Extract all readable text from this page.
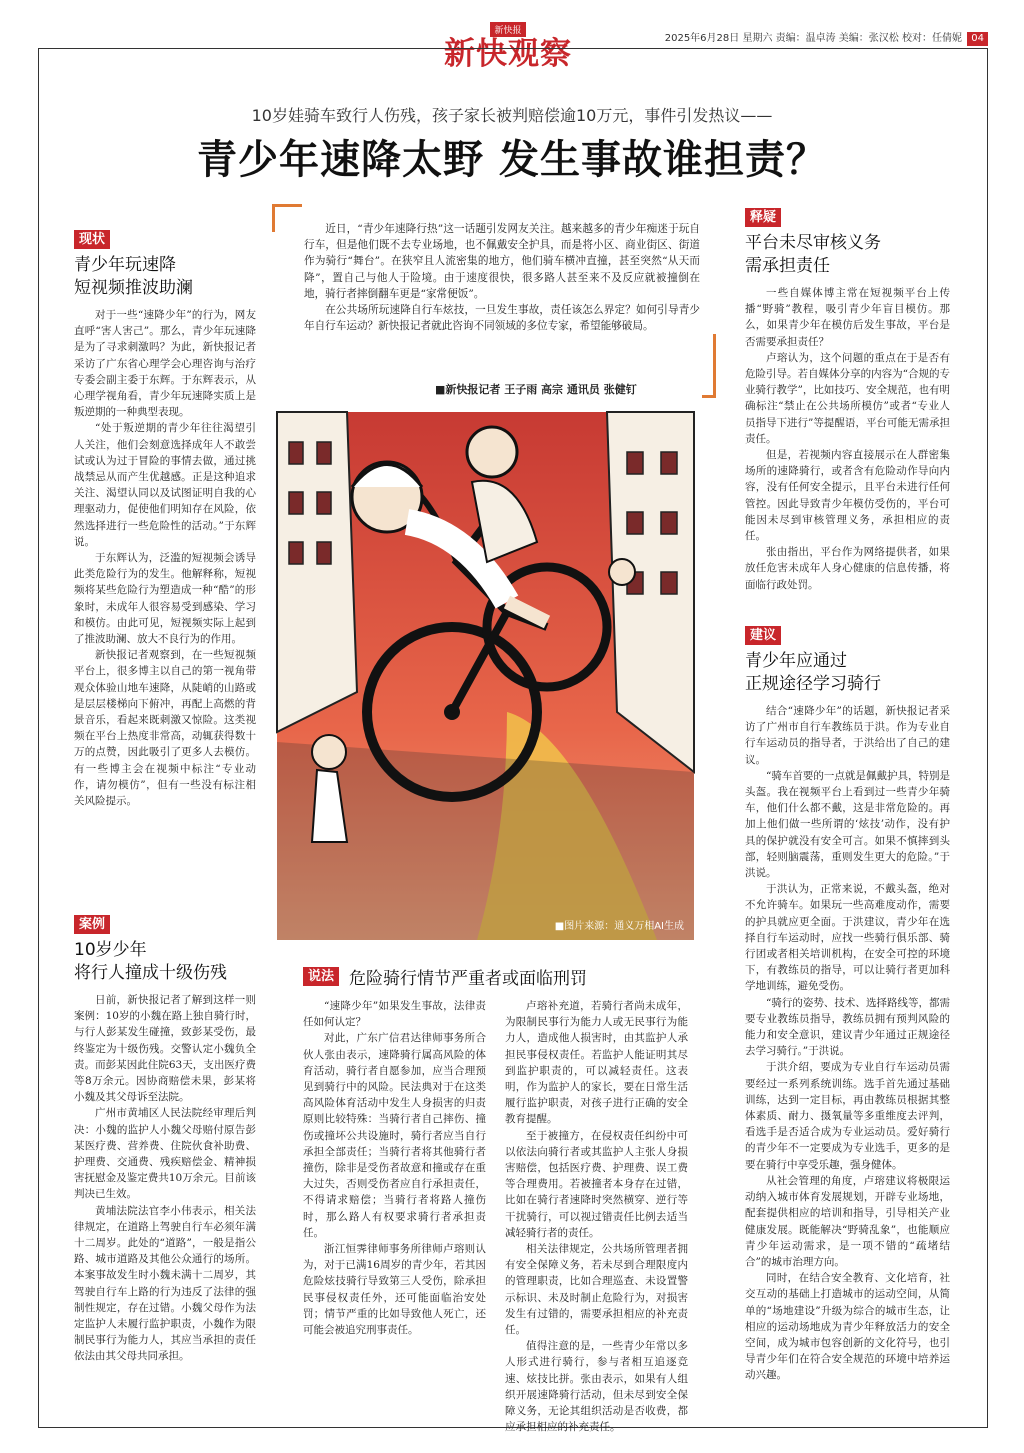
2025年6月28日 星期六 责编：温卓涛 美编：张汉松 校对：任倩妮 04
新快报
新快观察
10岁娃骑车致行人伤残，孩子家长被判赔偿逾10万元，事件引发热议——
青少年速降太野 发生事故谁担责？
现状
青少年玩速降
短视频推波助澜

对于一些“速降少年”的行为，网友直呼“害人害己”。那么，青少年玩速降是为了寻求刺激吗？为此，新快报记者采访了广东省心理学会心理咨询与治疗专委会副主委于东辉。于东辉表示，从心理学视角看，青少年玩速降实质上是叛逆期的一种典型表现。

“处于叛逆期的青少年往往渴望引人关注，他们会刻意选择成年人不敢尝试或认为过于冒险的事情去做，通过挑战禁忌从而产生优越感。正是这种追求关注、渴望认同以及试图证明自我的心理驱动力，促使他们明知存在风险，依然选择进行一些危险性的活动。”于东辉说。

于东辉认为，泛滥的短视频会诱导此类危险行为的发生。他解释称，短视频将某些危险行为塑造成一种“酷”的形象时，未成年人很容易受到感染、学习和模仿。由此可见，短视频实际上起到了推波助澜、放大不良行为的作用。

新快报记者观察到，在一些短视频平台上，很多博主以自己的第一视角带观众体验山地车速降，从陡峭的山路或是层层楼梯向下俯冲，再配上高燃的背景音乐，看起来既刺激又惊险。这类视频在平台上热度非常高，动辄获得数十万的点赞，因此吸引了更多人去模仿。有一些博主会在视频中标注“专业动作，请勿模仿”，但有一些没有标注相关风险提示。

案例
10岁少年
将行人撞成十级伤残

日前，新快报记者了解到这样一则案例：10岁的小魏在路上独自骑行时，与行人彭某发生碰撞，致彭某受伤，最终鉴定为十级伤残。交警认定小魏负全责。而彭某因此住院63天，支出医疗费等8万余元。因协商赔偿未果，彭某将小魏及其父母诉至法院。

广州市黄埔区人民法院经审理后判决：小魏的监护人小魏父母赔付原告彭某医疗费、营养费、住院伙食补助费、护理费、交通费、残疾赔偿金、精神损害抚慰金及鉴定费共10万余元。目前该判决已生效。

黄埔法院法官李小伟表示，相关法律规定，在道路上驾驶自行车必须年满十二周岁。此处的“道路”，一般是指公路、城市道路及其他公众通行的场所。本案事故发生时小魏未满十二周岁，其驾驶自行车上路的行为违反了法律的强制性规定，存在过错。小魏父母作为法定监护人未履行监护职责，小魏作为限制民事行为能力人，其应当承担的责任依法由其父母共同承担。

近日，“青少年速降行热”这一话题引发网友关注。越来越多的青少年痴迷于玩自行车，但是他们既不去专业场地，也不佩戴安全护具，而是将小区、商业街区、街道作为骑行“舞台”。在狭窄且人流密集的地方，他们骑车横冲直撞，甚至突然“从天而降”，置自己与他人于险境。由于速度很快，很多路人甚至来不及反应就被撞倒在地，骑行者摔倒翻车更是“家常便饭”。

在公共场所玩速降自行车炫技，一旦发生事故，责任该怎么界定？如何引导青少年自行车运动？新快报记者就此咨询不同领域的多位专家，希望能够破局。

■新快报记者 王子雨 高宗 通讯员 张健钉
■图片来源：通义万相AI生成
说法 危险骑行情节严重者或面临刑罚

“速降少年”如果发生事故，法律责任如何认定？

对此，广东广信君达律师事务所合伙人张由表示，速降骑行属高风险的体育活动，骑行者自愿参加，应当合理预见到骑行中的风险。民法典对于在这类高风险体育活动中发生人身损害的归责原则比较特殊：当骑行者自己摔伤、撞伤或撞坏公共设施时，骑行者应当自行承担全部责任；当骑行者将其他骑行者撞伤，除非是受伤者故意和撞或存在重大过失，否则受伤者应自行承担责任，不得请求赔偿；当骑行者将路人撞伤时，那么路人有权要求骑行者承担责任。

浙江恒霁律师事务所律师卢瑢则认为，对于已满16周岁的青少年，若其因危险炫技骑行导致第三人受伤，除承担民事侵权责任外，还可能面临治安处罚；情节严重的比如导致他人死亡，还可能会被追究刑事责任。

卢瑢补充道，若骑行者尚未成年，为限制民事行为能力人或无民事行为能力人，造成他人损害时，由其监护人承担民事侵权责任。若监护人能证明其尽到监护职责的，可以减轻责任。这表明，作为监护人的家长，要在日常生活履行监护职责，对孩子进行正确的安全教育提醒。

至于被撞方，在侵权责任纠纷中可以依法向骑行者或其监护人主张人身损害赔偿，包括医疗费、护理费、误工费等合理费用。若被撞者本身存在过错，比如在骑行者速降时突然横穿、逆行等干扰骑行，可以视过错责任比例去适当减轻骑行者的责任。

相关法律规定，公共场所管理者拥有安全保障义务，若未尽到合理限度内的管理职责，比如合理巡查、未设置警示标识、未及时制止危险行为，对损害发生有过错的，需要承担相应的补充责任。

值得注意的是，一些青少年常以多人形式进行骑行，参与者相互追逐竞速、炫技比拼。张由表示，如果有人组织开展速降骑行活动，但未尽到安全保障义务，无论其组织活动是否收费，都应承担相应的补充责任。

释疑
平台未尽审核义务
需承担责任

一些自媒体博主常在短视频平台上传播“野骑”教程，吸引青少年盲目模仿。那么，如果青少年在模仿后发生事故，平台是否需要承担责任？

卢瑢认为，这个问题的重点在于是否有危险引导。若自媒体分享的内容为“合规的专业骑行教学”，比如技巧、安全规范，也有明确标注“禁止在公共场所模仿”或者“专业人员指导下进行”等提醒语，平台可能无需承担责任。

但是，若视频内容直接展示在人群密集场所的速降骑行，或者含有危险动作导向内容，没有任何安全提示，且平台未进行任何管控。因此导致青少年模仿受伤的，平台可能因未尽到审核管理义务，承担相应的责任。

张由指出，平台作为网络提供者，如果放任危害未成年人身心健康的信息传播，将面临行政处罚。

建议
青少年应通过
正规途径学习骑行

结合“速降少年”的话题，新快报记者采访了广州市自行车教练员于洪。作为专业自行车运动员的指导者，于洪给出了自己的建议。

“骑车首要的一点就是佩戴护具，特别是头盔。我在视频平台上看到过一些青少年骑车，他们什么都不戴，这是非常危险的。再加上他们做一些所谓的‘炫技’动作，没有护具的保护就没有安全可言。如果不慎摔到头部，轻则脑震荡，重则发生更大的危险。”于洪说。

于洪认为，正常来说，不戴头盔，绝对不允许骑车。如果玩一些高难度动作，需要的护具就应更全面。于洪建议，青少年在选择自行车运动时，应找一些骑行俱乐部、骑行团或者相关培训机构，在安全可控的环境下，有教练员的指导，可以让骑行者更加科学地训练，避免受伤。

“骑行的姿势、技术、选择路线等，都需要专业教练员指导，教练员拥有预判风险的能力和安全意识，建议青少年通过正规途径去学习骑行。”于洪说。

于洪介绍，要成为专业自行车运动员需要经过一系列系统训练。选手首先通过基础训练，达到一定目标，再由教练员根据其整体素质、耐力、摄氧量等多重维度去评判，看选手是否适合成为专业运动员。爱好骑行的青少年不一定要成为专业选手，更多的是要在骑行中享受乐趣，强身健体。

从社会管理的角度，卢瑢建议将极限运动纳入城市体育发展规划，开辟专业场地，配套提供相应的培训和指导，引导相关产业健康发展。既能解决“野骑乱象”，也能顺应青少年运动需求，是一项不错的“疏堵结合”的城市治理方向。

同时，在结合安全教育、文化培育，社交互动的基础上打造城市的运动空间，从简单的“场地建设”升级为综合的城市生态，让相应的运动场地成为青少年释放活力的安全空间，成为城市包容创新的文化符号，也引导青少年们在符合安全规范的环境中培养运动兴趣。
